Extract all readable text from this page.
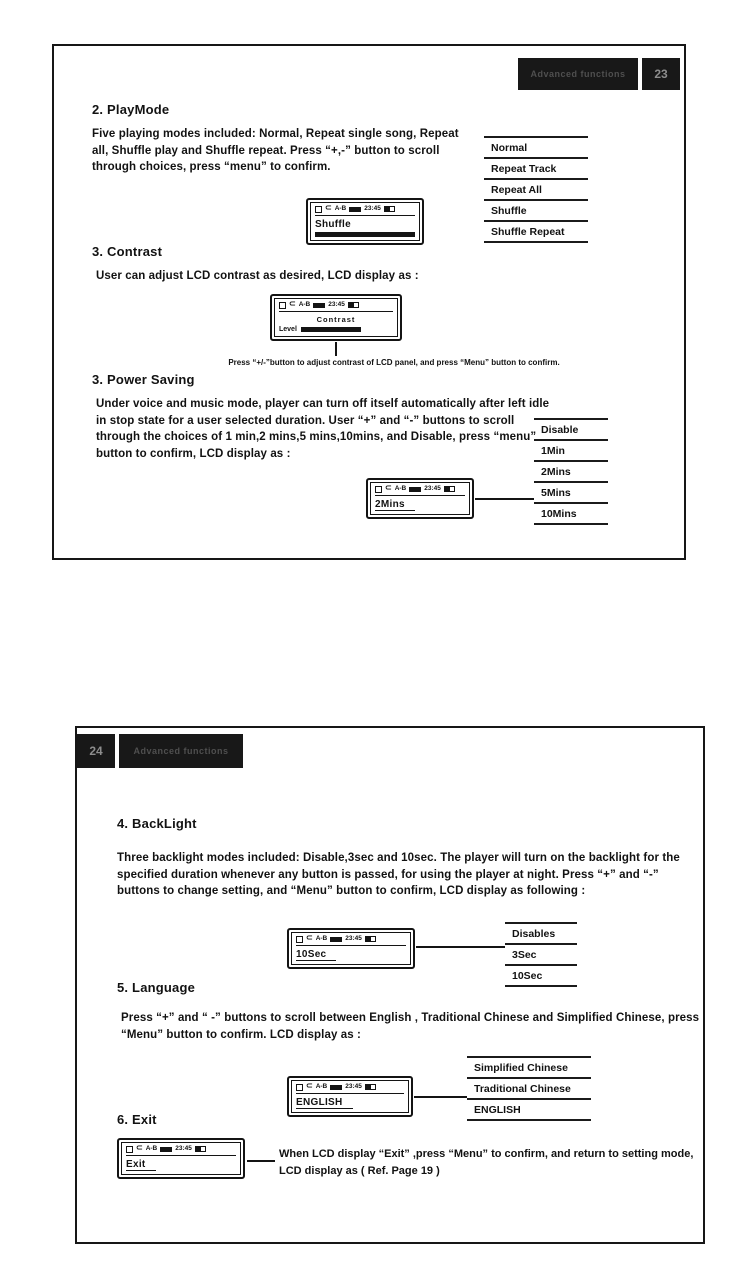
Advanced functions 23
2. PlayMode
Five playing modes included: Normal, Repeat single song, Repeat all, Shuffle play and Shuffle repeat. Press “+,-” button to scroll through choices, press “menu” to confirm.
Normal
Repeat Track
Repeat All
Shuffle
Shuffle Repeat
⊂ A-B	23:45
Shuffle
3. Contrast
User can adjust LCD contrast as desired, LCD display as :
⊂ A-B	23:45
Contrast
Level
Press “+/-”button to adjust contrast of LCD panel, and press “Menu” button to confirm.
3. Power Saving
Under voice and music mode, player can turn off itself automatically after left idle in stop state for a user selected duration. User “+” and “-” buttons to scroll through the choices of 1 min,2 mins,5 mins,10mins, and Disable, press “menu” button to confirm, LCD display as :
Disable
1Min
2Mins
5Mins
10Mins
⊂ A-B	23:45
2Mins
24	Advanced functions
4. BackLight
Three backlight modes included: Disable,3sec and 10sec. The player will turn on the backlight for the specified duration whenever any button is passed, for using the player at night. Press “+” and “-” buttons to change setting, and “Menu” button to confirm, LCD display as following :
⊂ A-B	23:45
10Sec
Disables
3Sec
10Sec
5. Language
Press “+” and “ -” buttons to scroll between English , Traditional Chinese and Simplified Chinese, press “Menu” button to confirm. LCD display as :
Simplified Chinese
Traditional Chinese
ENGLISH
⊂ A-B	23:45
ENGLISH
6. Exit
⊂ A-B	23:45
Exit
When LCD display “Exit” ,press “Menu” to confirm, and return to setting mode, LCD display as ( Ref. Page 19 )
